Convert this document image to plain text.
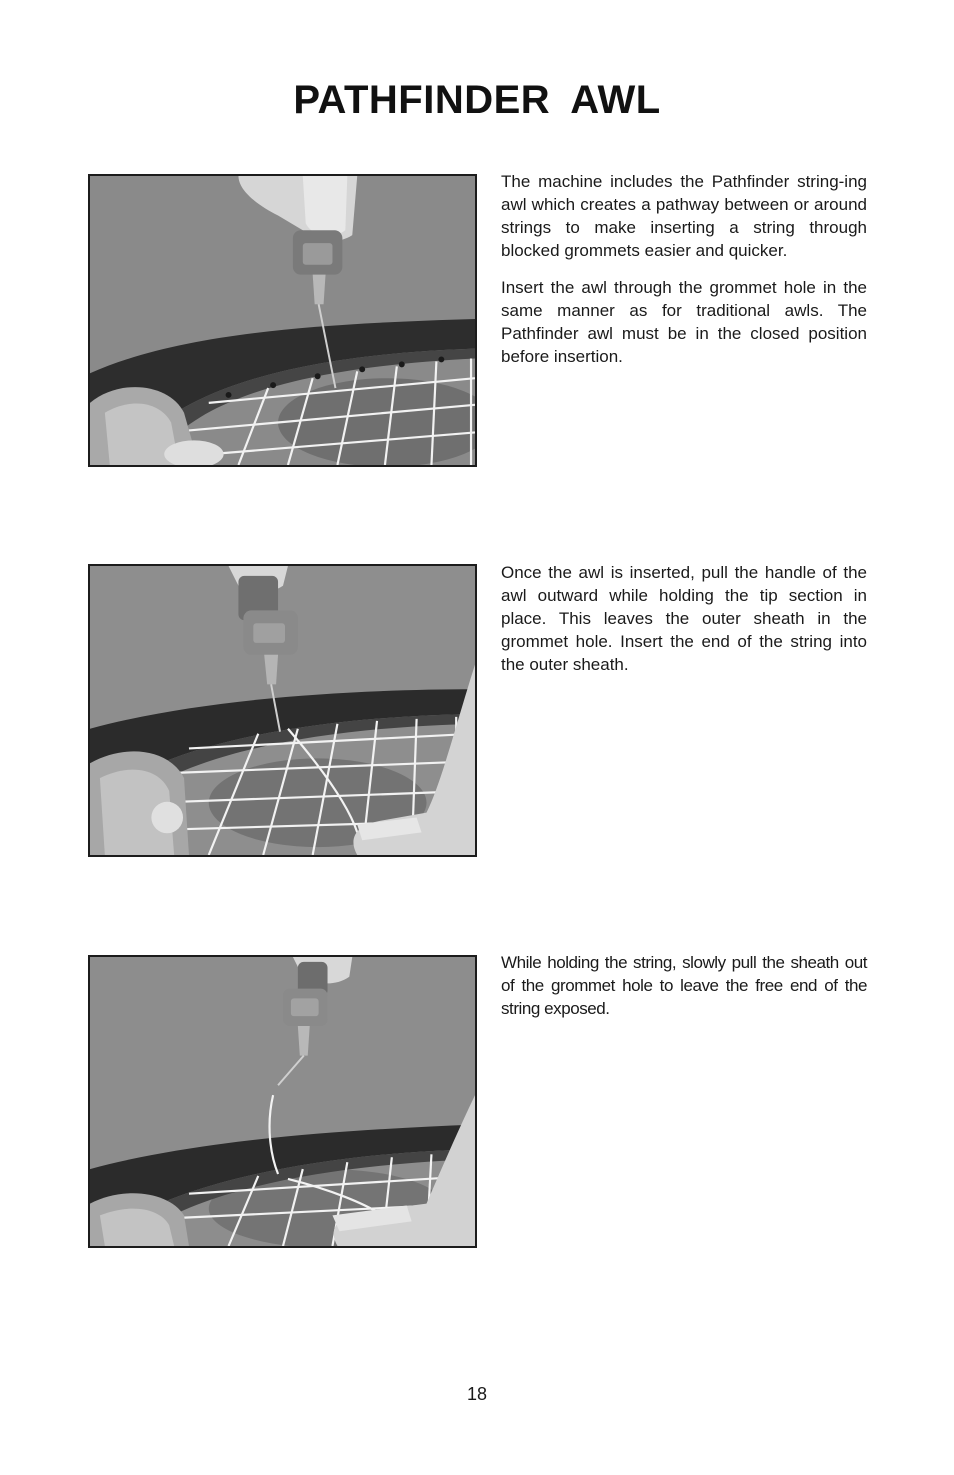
PATHFINDER AWL

The machine includes the Pathfinder string-ing awl which creates a pathway between or around strings to make inserting a string through blocked grommets easier and quicker.

Insert the awl through the grommet hole in the same manner as for traditional awls. The Pathfinder awl must be in the closed position before insertion.

Once the awl is inserted, pull the handle of the awl outward while holding the tip section in place. This leaves the outer sheath in the grommet hole. Insert the end of the string into the outer sheath.

While holding the string, slowly pull the sheath out of the grommet hole to leave the free end of the string exposed.

18
